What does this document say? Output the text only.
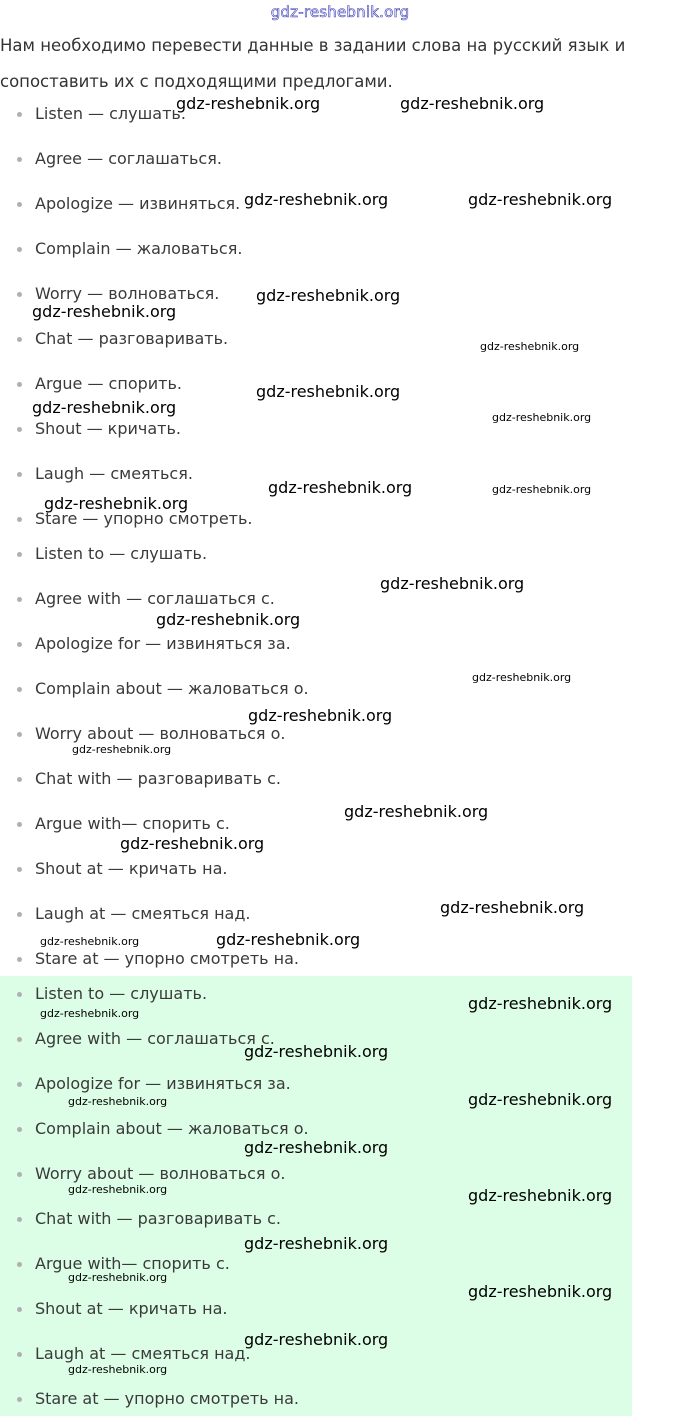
gdz-reshebnik.org
Нам необходимо перевести данные в задании слова на русский язык и сопоставить их с подходящими предлогами.
Listen — слушать.
Agree — соглашаться.
Apologize — извиняться.
Complain — жаловаться.
Worry — волноваться.
Chat — разговаривать.
Argue — спорить.
Shout — кричать.
Laugh — смеяться.
Stare — упорно смотреть.
Listen to — слушать.
Agree with — соглашаться с.
Apologize for — извиняться за.
Complain about — жаловаться о.
Worry about — волноваться о.
Chat with — разговаривать с.
Argue with— спорить с.
Shout at — кричать на.
Laugh at — смеяться над.
Stare at — упорно смотреть на.
Listen to — слушать.
Agree with — соглашаться с.
Apologize for — извиняться за.
Complain about — жаловаться о.
Worry about — волноваться о.
Chat with — разговаривать с.
Argue with— спорить с.
Shout at — кричать на.
Laugh at — смеяться над.
Stare at — упорно смотреть на.
gdz-reshebnik.org	gdz-reshebnik.org
gdz-reshebnik.org	gdz-reshebnik.org
gdz-reshebnik.org
gdz-reshebnik.org
gdz-reshebnik.org
gdz-reshebnik.org
gdz-reshebnik.org
gdz-reshebnik.org
gdz-reshebnik.org	gdz-reshebnik.org
gdz-reshebnik.org
gdz-reshebnik.org
gdz-reshebnik.org
gdz-reshebnik.org
gdz-reshebnik.org
gdz-reshebnik.org
gdz-reshebnik.org
gdz-reshebnik.org
gdz-reshebnik.org
gdz-reshebnik.org
gdz-reshebnik.org
gdz-reshebnik.org
gdz-reshebnik.org
gdz-reshebnik.org
gdz-reshebnik.org
gdz-reshebnik.org
gdz-reshebnik.org
gdz-reshebnik.org	gdz-reshebnik.org
gdz-reshebnik.org
gdz-reshebnik.org
gdz-reshebnik.org
gdz-reshebnik.org
gdz-reshebnik.org
